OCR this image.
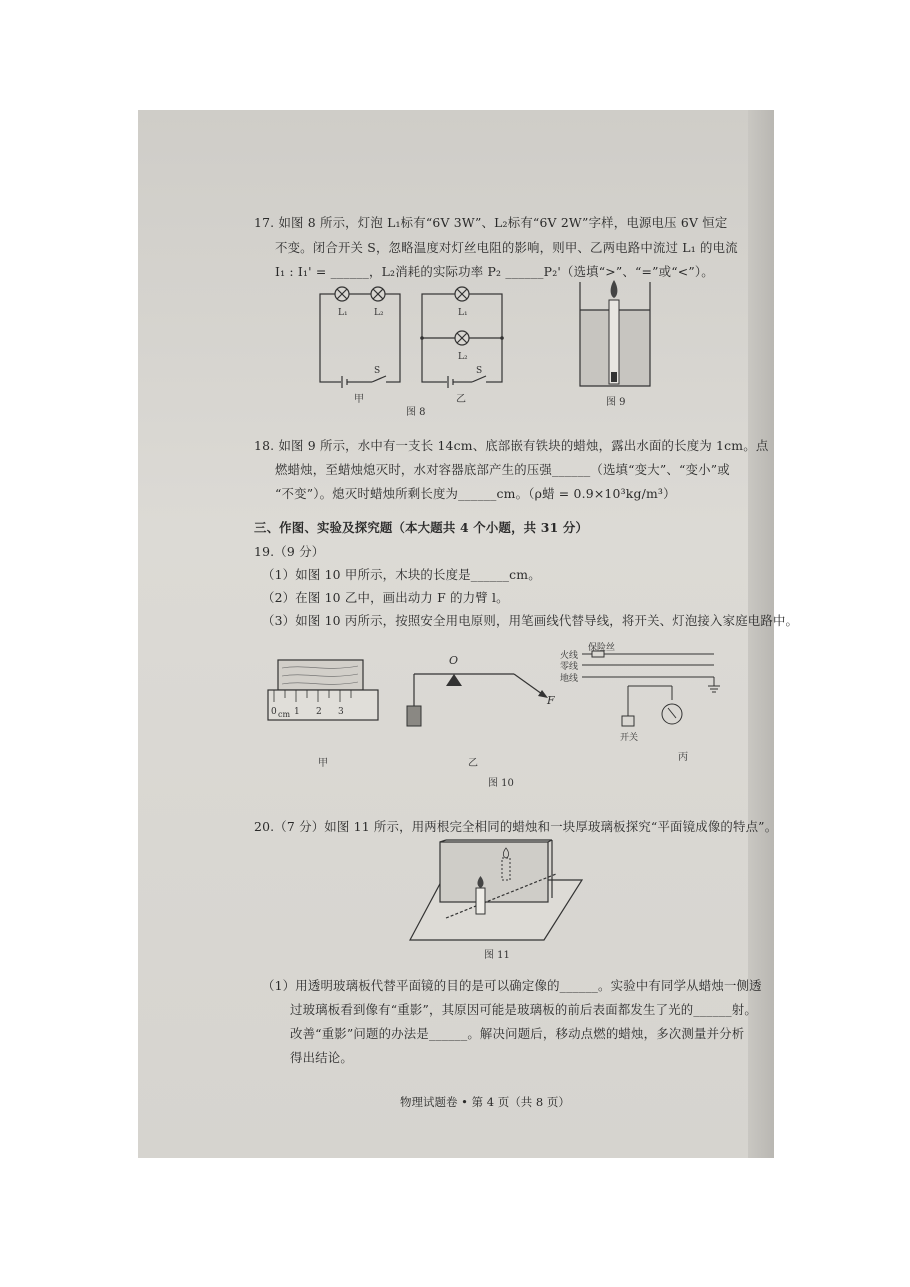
17. 如图 8 所示，灯泡 L₁标有“6V 3W”、L₂标有“6V 2W”字样，电源电压 6V 恒定
不变。闭合开关 S，忽略温度对灯丝电阻的影响，则甲、乙两电路中流过 L₁ 的电流
I₁ : I₁' = ______，L₂消耗的实际功率 P₂ ______P₂'（选填“>”、“=”或“<”）。
L₁	L₂
S
L₁
L₂
S
甲	乙
图 8
图 9
18. 如图 9 所示，水中有一支长 14cm、底部嵌有铁块的蜡烛，露出水面的长度为 1cm。点
燃蜡烛，至蜡烛熄灭时，水对容器底部产生的压强______（选填“变大”、“变小”或
“不变”）。熄灭时蜡烛所剩长度为______cm。（ρ蜡 = 0.9×10³kg/m³）
三、作图、实验及探究题（本大题共 4 个小题，共 31 分）
19.（9 分）
（1）如图 10 甲所示，木块的长度是______cm。
（2）在图 10 乙中，画出动力 F 的力臂 l。
（3）如图 10 丙所示，按照安全用电原则，用笔画线代替导线，将开关、灯泡接入家庭电路中。
0 cm 1 2 3
甲
O
F
乙
保险丝
火线
零线
地线
开关
丙
图 10
20.（7 分）如图 11 所示，用两根完全相同的蜡烛和一块厚玻璃板探究“平面镜成像的特点”。
图 11
（1）用透明玻璃板代替平面镜的目的是可以确定像的______。实验中有同学从蜡烛一侧透
过玻璃板看到像有“重影”，其原因可能是玻璃板的前后表面都发生了光的______射。
改善“重影”问题的办法是______。解决问题后，移动点燃的蜡烛，多次测量并分析
得出结论。
物理试题卷 • 第 4 页（共 8 页）
